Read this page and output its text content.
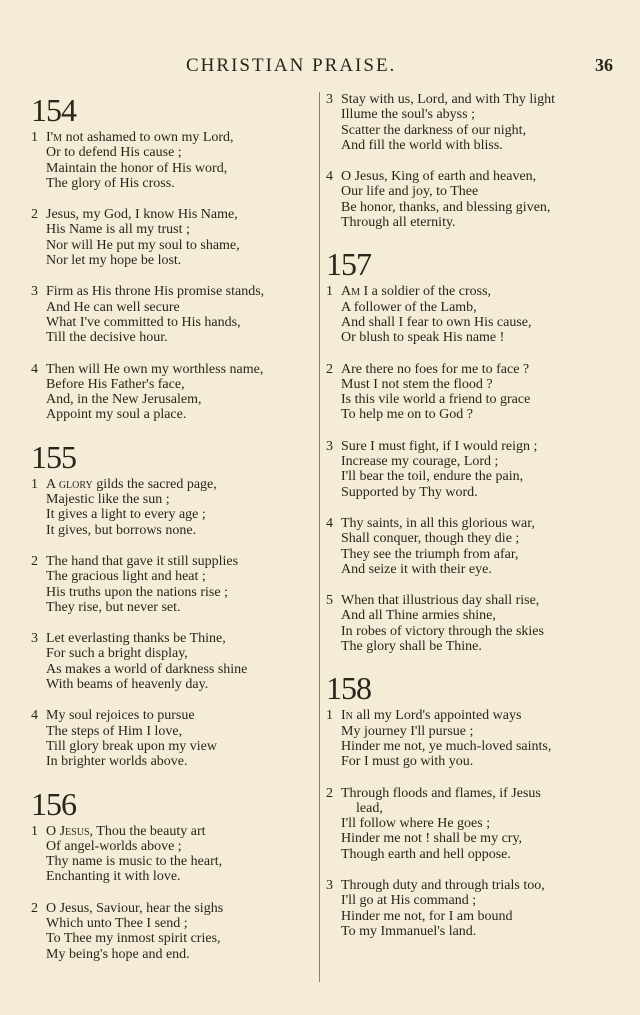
CHRISTIAN PRAISE.	36
154
1 I'm not ashamed to own my Lord,
Or to defend His cause ;
Maintain the honor of His word,
The glory of His cross.
2 Jesus, my God, I know His Name,
His Name is all my trust ;
Nor will He put my soul to shame,
Nor let my hope be lost.
3 Firm as His throne His promise stands,
And He can well secure
What I've committed to His hands,
Till the decisive hour.
4 Then will He own my worthless name,
Before His Father's face,
And, in the New Jerusalem,
Appoint my soul a place.
155
1 A glory gilds the sacred page,
Majestic like the sun ;
It gives a light to every age ;
It gives, but borrows none.
2 The hand that gave it still supplies
The gracious light and heat ;
His truths upon the nations rise ;
They rise, but never set.
3 Let everlasting thanks be Thine,
For such a bright display,
As makes a world of darkness shine
With beams of heavenly day.
4 My soul rejoices to pursue
The steps of Him I love,
Till glory break upon my view
In brighter worlds above.
156
1 O Jesus, Thou the beauty art
Of angel-worlds above ;
Thy name is music to the heart,
Enchanting it with love.
2 O Jesus, Saviour, hear the sighs
Which unto Thee I send ;
To Thee my inmost spirit cries,
My being's hope and end.
3 Stay with us, Lord, and with Thy light
Illume the soul's abyss ;
Scatter the darkness of our night,
And fill the world with bliss.
4 O Jesus, King of earth and heaven,
Our life and joy, to Thee
Be honor, thanks, and blessing given,
Through all eternity.
157
1 Am I a soldier of the cross,
A follower of the Lamb,
And shall I fear to own His cause,
Or blush to speak His name !
2 Are there no foes for me to face ?
Must I not stem the flood ?
Is this vile world a friend to grace
To help me on to God ?
3 Sure I must fight, if I would reign ;
Increase my courage, Lord ;
I'll bear the toil, endure the pain,
Supported by Thy word.
4 Thy saints, in all this glorious war,
Shall conquer, though they die ;
They see the triumph from afar,
And seize it with their eye.
5 When that illustrious day shall rise,
And all Thine armies shine,
In robes of victory through the skies
The glory shall be Thine.
158
1 In all my Lord's appointed ways
My journey I'll pursue ;
Hinder me not, ye much-loved saints,
For I must go with you.
2 Through floods and flames, if Jesus
lead,
I'll follow where He goes ;
Hinder me not ! shall be my cry,
Though earth and hell oppose.
3 Through duty and through trials too,
I'll go at His command ;
Hinder me not, for I am bound
To my Immanuel's land.
